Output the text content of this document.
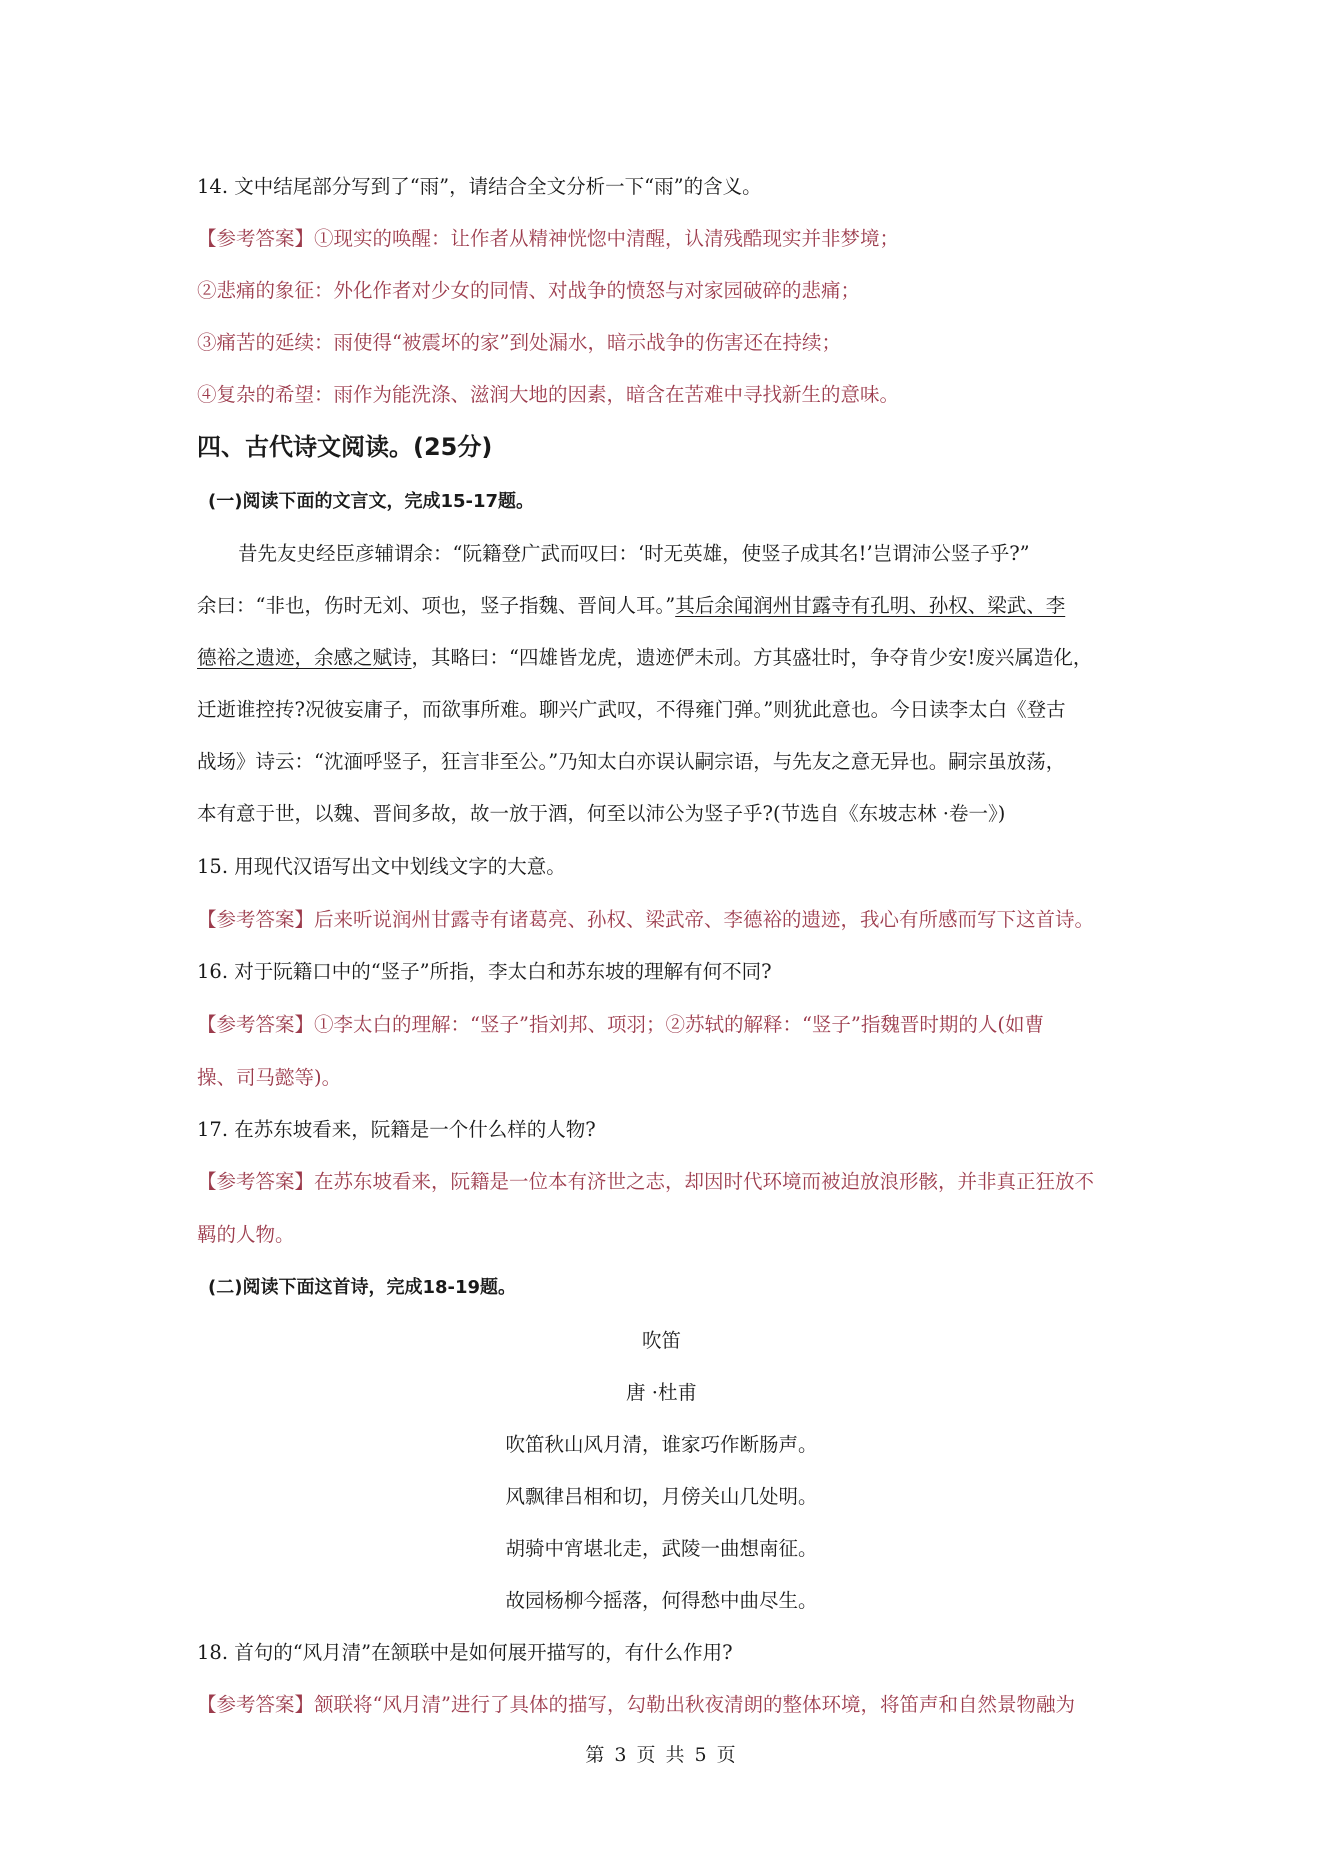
14. 文中结尾部分写到了“雨”，请结合全文分析一下“雨”的含义。
【参考答案】①现实的唤醒：让作者从精神恍惚中清醒，认清残酷现实并非梦境；
②悲痛的象征：外化作者对少女的同情、对战争的愤怒与对家园破碎的悲痛；
③痛苦的延续：雨使得“被震坏的家”到处漏水，暗示战争的伤害还在持续；
④复杂的希望：雨作为能洗涤、滋润大地的因素，暗含在苦难中寻找新生的意味。
四、古代诗文阅读。(25分)
(一)阅读下面的文言文，完成15-17题。
昔先友史经臣彦辅谓余：“阮籍登广武而叹曰：‘时无英雄，使竖子成其名!’岂谓沛公竖子乎?”
余曰：“非也，伤时无刘、项也，竖子指魏、晋间人耳。”其后余闻润州甘露寺有孔明、孙权、梁武、李
德裕之遗迹，余感之赋诗，其略曰：“四雄皆龙虎，遗迹俨未刓。方其盛壮时，争夺肯少安!废兴属造化，
迁逝谁控抟?况彼妄庸子，而欲事所难。聊兴广武叹，不得雍门弹。”则犹此意也。今日读李太白《登古
战场》诗云：“沈湎呼竖子，狂言非至公。”乃知太白亦误认嗣宗语，与先友之意无异也。嗣宗虽放荡，
本有意于世，以魏、晋间多故，故一放于酒，何至以沛公为竖子乎?(节选自《东坡志林 ·卷一》)
15. 用现代汉语写出文中划线文字的大意。
【参考答案】后来听说润州甘露寺有诸葛亮、孙权、梁武帝、李德裕的遗迹，我心有所感而写下这首诗。
16. 对于阮籍口中的“竖子”所指，李太白和苏东坡的理解有何不同?
【参考答案】①李太白的理解：“竖子”指刘邦、项羽；②苏轼的解释：“竖子”指魏晋时期的人(如曹
操、司马懿等)。
17. 在苏东坡看来，阮籍是一个什么样的人物?
【参考答案】在苏东坡看来，阮籍是一位本有济世之志，却因时代环境而被迫放浪形骸，并非真正狂放不
羁的人物。
(二)阅读下面这首诗，完成18-19题。
吹笛
唐 ·杜甫
吹笛秋山风月清，谁家巧作断肠声。
风飘律吕相和切，月傍关山几处明。
胡骑中宵堪北走，武陵一曲想南征。
故园杨柳今摇落，何得愁中曲尽生。
18. 首句的“风月清”在颔联中是如何展开描写的，有什么作用?
【参考答案】颔联将“风月清”进行了具体的描写，勾勒出秋夜清朗的整体环境，将笛声和自然景物融为
第 3 页 共 5 页
